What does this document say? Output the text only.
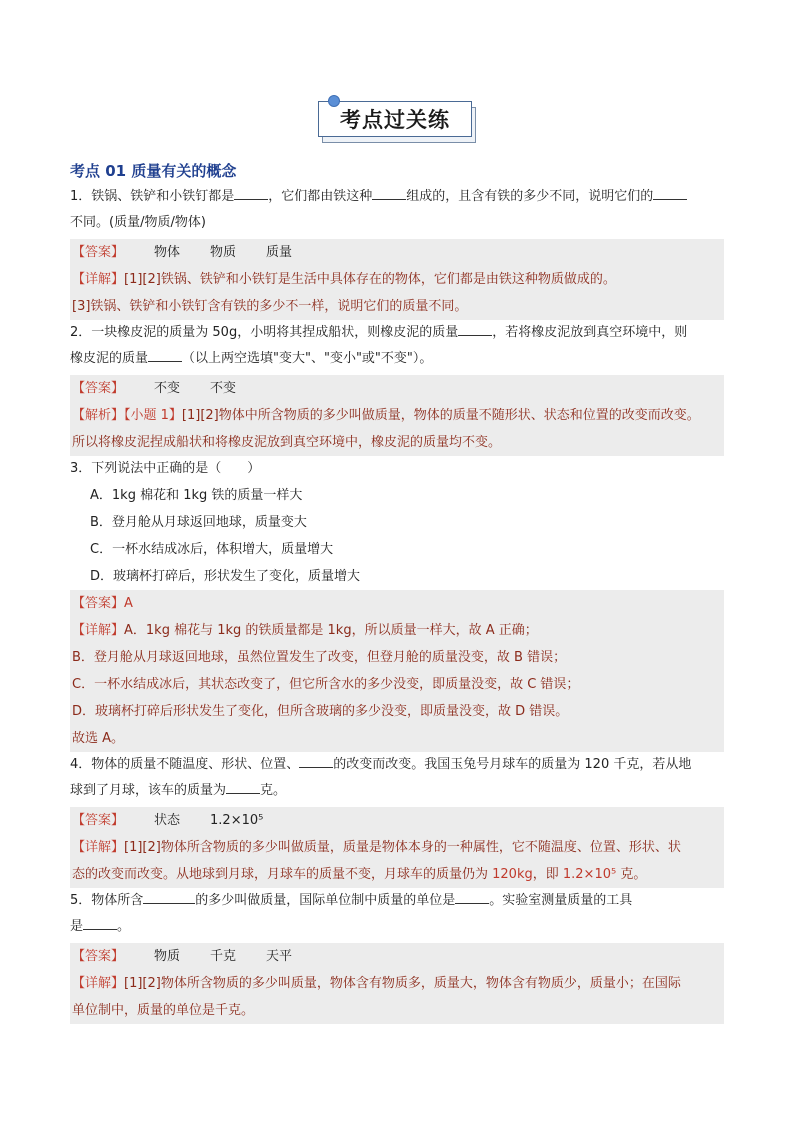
考点过关练
考点 01 质量有关的概念
1．铁锅、铁铲和小铁钉都是	，它们都由铁这种	组成的，且含有铁的多少不同，说明它们的
不同。(质量/物质/物体)
【答案】 物体 物质 质量
【详解】[1][2]铁锅、铁铲和小铁钉是生活中具体存在的物体，它们都是由铁这种物质做成的。
[3]铁锅、铁铲和小铁钉含有铁的多少不一样，说明它们的质量不同。
2．一块橡皮泥的质量为 50g，小明将其捏成船状，则橡皮泥的质量	，若将橡皮泥放到真空环境中，则
橡皮泥的质量	（以上两空选填"变大"、"变小"或"不变"）。
【答案】 不变 不变
【解析】【小题 1】[1][2]物体中所含物质的多少叫做质量，物体的质量不随形状、状态和位置的改变而改变。
所以将橡皮泥捏成船状和将橡皮泥放到真空环境中，橡皮泥的质量均不变。
3．下列说法中正确的是（　　）
A．1kg 棉花和 1kg 铁的质量一样大
B．登月舱从月球返回地球，质量变大
C．一杯水结成冰后，体积增大，质量增大
D．玻璃杯打碎后，形状发生了变化，质量增大
【答案】A
【详解】A．1kg 棉花与 1kg 的铁质量都是 1kg，所以质量一样大，故 A 正确；
B．登月舱从月球返回地球，虽然位置发生了改变，但登月舱的质量没变，故 B 错误；
C．一杯水结成冰后，其状态改变了，但它所含水的多少没变，即质量没变，故 C 错误；
D．玻璃杯打碎后形状发生了变化，但所含玻璃的多少没变，即质量没变，故 D 错误。
故选 A。
4．物体的质量不随温度、形状、位置、	的改变而改变。我国玉兔号月球车的质量为 120 千克，若从地
球到了月球，该车的质量为	克。
【答案】 状态 1.2×10⁵
【详解】[1][2]物体所含物质的多少叫做质量，质量是物体本身的一种属性，它不随温度、位置、形状、状
态的改变而改变。从地球到月球，月球车的质量不变，月球车的质量仍为 120kg，即 1.2×10⁵ 克。
5．物体所含	的多少叫做质量，国际单位制中质量的单位是	。实验室测量质量的工具
是	。
【答案】 物质 千克 天平
【详解】[1][2]物体所含物质的多少叫质量，物体含有物质多，质量大，物体含有物质少，质量小；在国际
单位制中，质量的单位是千克。
